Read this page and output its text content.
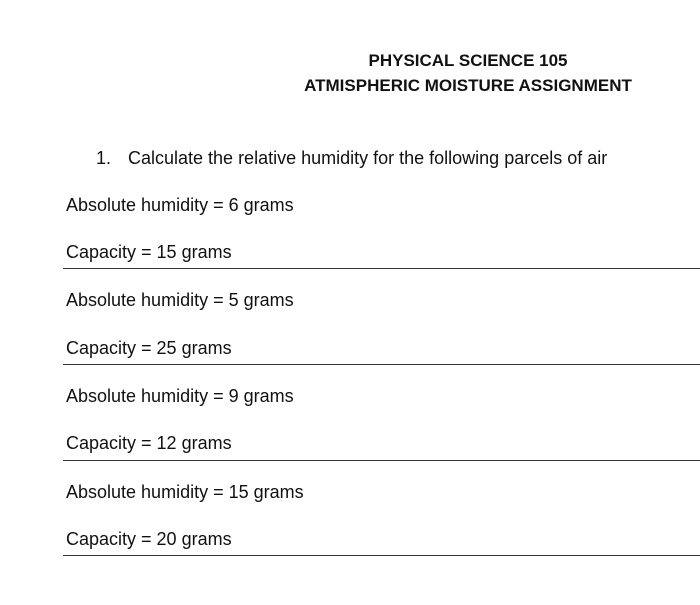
PHYSICAL SCIENCE 105
ATMISPHERIC MOISTURE ASSIGNMENT
1. Calculate the relative humidity for the following parcels of air
Absolute humidity = 6 grams
Capacity = 15 grams
Absolute humidity = 5 grams
Capacity = 25 grams
Absolute humidity = 9 grams
Capacity = 12 grams
Absolute humidity = 15 grams
Capacity = 20 grams
